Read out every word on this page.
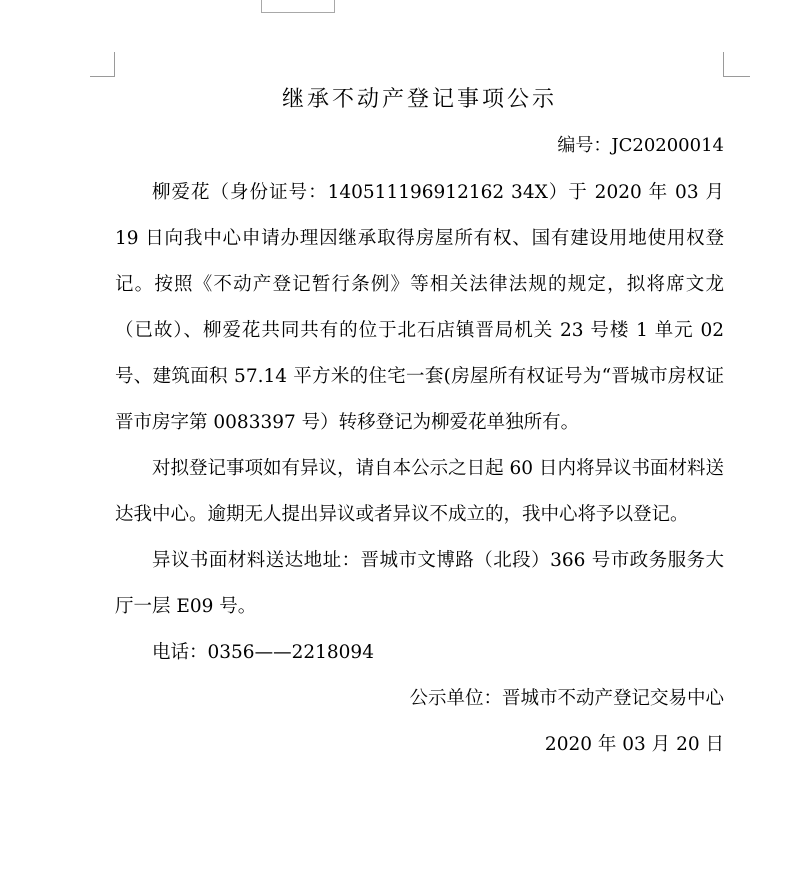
继承不动产登记事项公示
编号：JC20200014

柳爱花（身份证号：140511196912162 34X）于 2020 年 03 月 19 日向我中心申请办理因继承取得房屋所有权、国有建设用地使用权登记。按照《不动产登记暂行条例》等相关法律法规的规定，拟将席文龙（已故）、柳爱花共同共有的位于北石店镇晋局机关 23 号楼 1 单元 02 号、建筑面积 57.14 平方米的住宅一套(房屋所有权证号为“晋城市房权证晋市房字第 0083397 号）转移登记为柳爱花单独所有。

对拟登记事项如有异议，请自本公示之日起 60 日内将异议书面材料送达我中心。逾期无人提出异议或者异议不成立的，我中心将予以登记。

异议书面材料送达地址：晋城市文博路（北段）366 号市政务服务大厅一层 E09 号。

电话：0356——2218094

公示单位：晋城市不动产登记交易中心

2020 年 03 月 20 日
